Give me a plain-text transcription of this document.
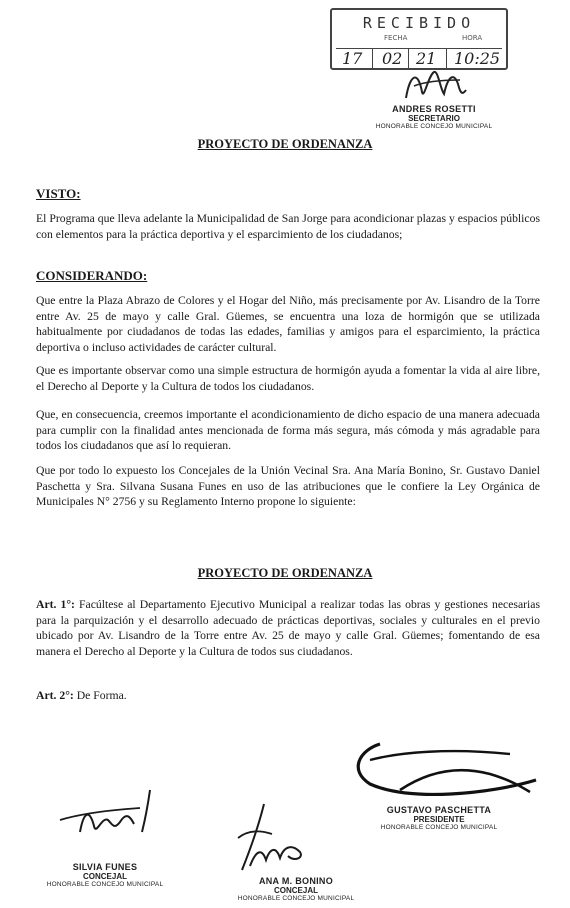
RECIBIDO
FECHA	HORA
17 02 21 10:25
ANDRES ROSETTI
SECRETARIO
HONORABLE CONCEJO MUNICIPAL
PROYECTO DE ORDENANZA
VISTO:

El Programa que lleva adelante la Municipalidad de San Jorge para acondicionar plazas y espacios públicos con elementos para la práctica deportiva y el esparcimiento de los ciudadanos;

CONSIDERANDO:

Que entre la Plaza Abrazo de Colores y el Hogar del Niño, más precisamente por Av. Lisandro de la Torre entre Av. 25 de mayo y calle Gral. Güemes, se encuentra una loza de hormigón que se utilizada habitualmente por ciudadanos de todas las edades, familias y amigos para el esparcimiento, la práctica deportiva o incluso actividades de carácter cultural.

Que es importante observar como una simple estructura de hormigón ayuda a fomentar la vida al aire libre, el Derecho al Deporte y la Cultura de todos los ciudadanos.

Que, en consecuencia, creemos importante el acondicionamiento de dicho espacio de una manera adecuada para cumplir con la finalidad antes mencionada de forma más segura, más cómoda y más agradable para todos los ciudadanos que así lo requieran.

Que por todo lo expuesto los Concejales de la Unión Vecinal Sra. Ana María Bonino, Sr. Gustavo Daniel Paschetta y Sra. Silvana Susana Funes en uso de las atribuciones que le confiere la Ley Orgánica de Municipales N° 2756 y su Reglamento Interno propone lo siguiente:

PROYECTO DE ORDENANZA
Art. 1°: Facúltese al Departamento Ejecutivo Municipal a realizar todas las obras y gestiones necesarias para la parquización y el desarrollo adecuado de prácticas deportivas, sociales y culturales en el previo ubicado por Av. Lisandro de la Torre entre Av. 25 de mayo y calle Gral. Güemes; fomentando de esa manera el Derecho al Deporte y la Cultura de todos sus ciudadanos.
Art. 2°: De Forma.
SILVIA FUNES
CONCEJAL
HONORABLE CONCEJO MUNICIPAL	ANA M. BONINO
CONCEJAL
HONORABLE CONCEJO MUNICIPAL
GUSTAVO PASCHETTA
PRESIDENTE
HONORABLE CONCEJO MUNICIPAL
